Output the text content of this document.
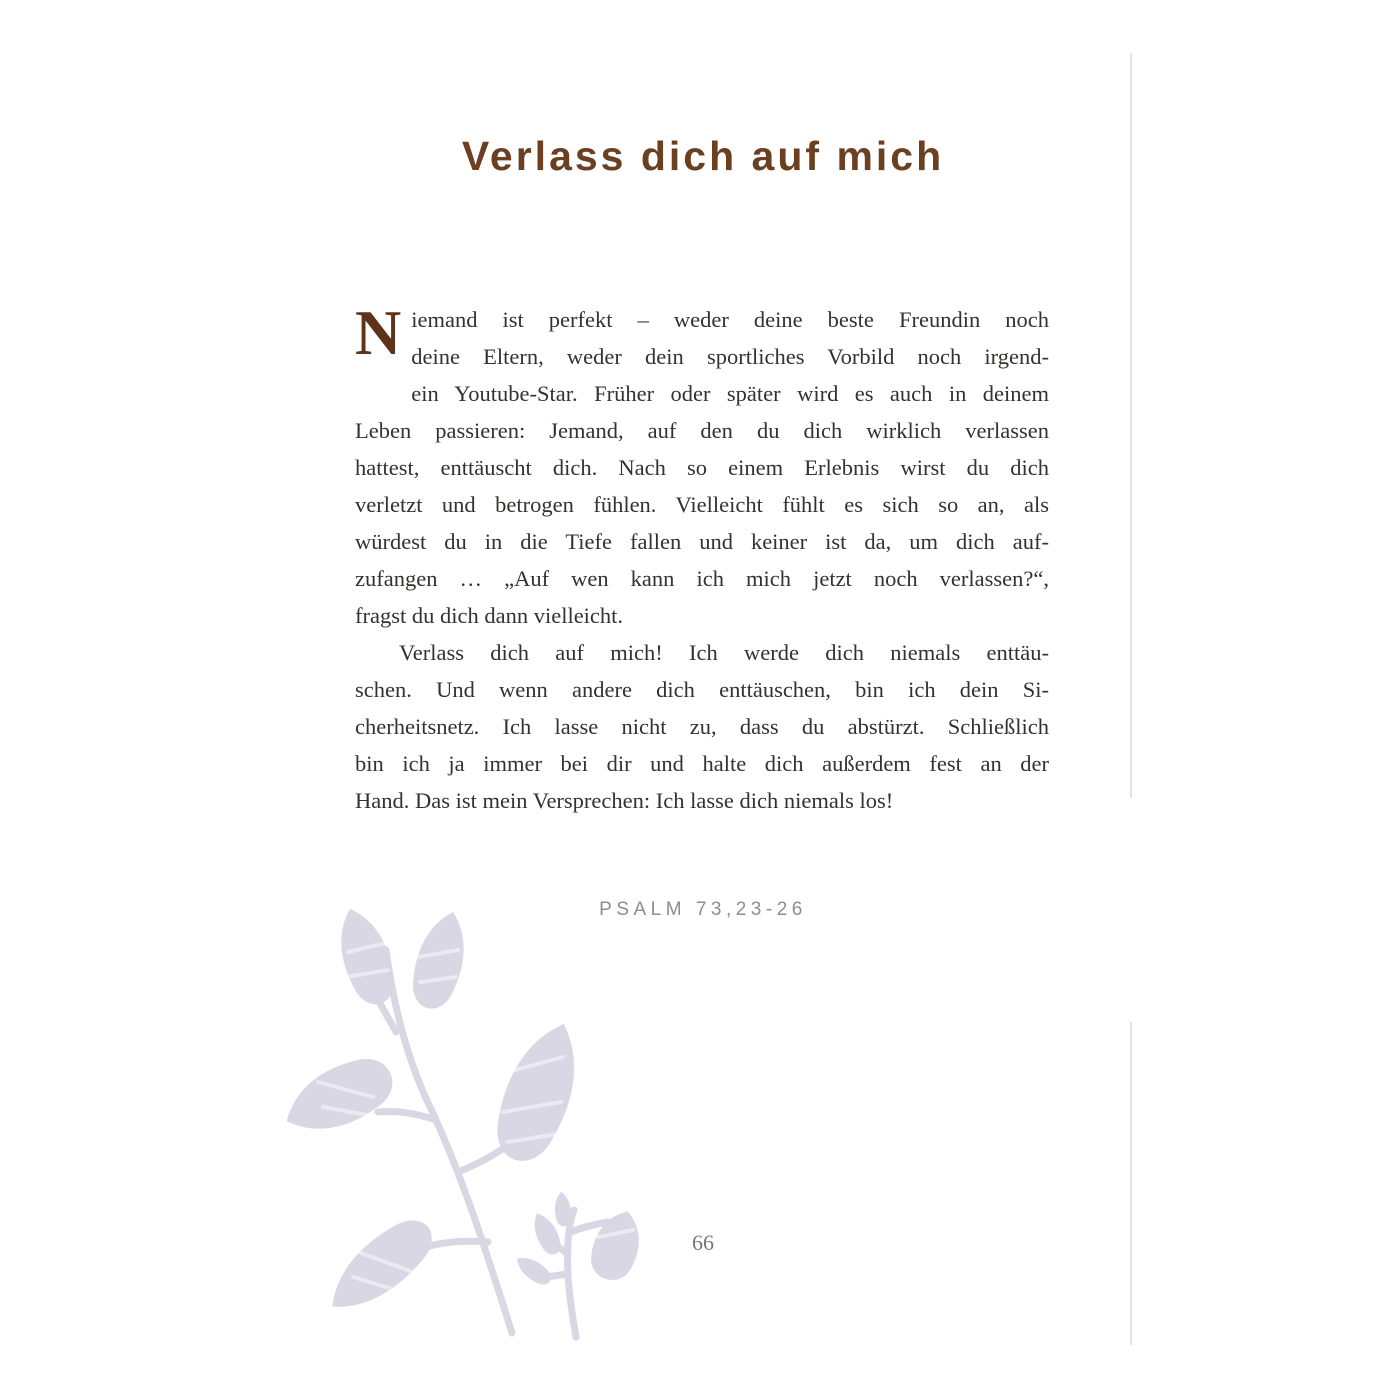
Verlass dich auf mich
N iemand ist perfekt – weder deine beste Freundin noch
deine Eltern, weder dein sportliches Vorbild noch irgend-
ein Youtube-Star. Früher oder später wird es auch in deinem
Leben passieren: Jemand, auf den du dich wirklich verlassen
hattest, enttäuscht dich. Nach so einem Erlebnis wirst du dich
verletzt und betrogen fühlen. Vielleicht fühlt es sich so an, als
würdest du in die Tiefe fallen und keiner ist da, um dich auf-
zufangen … „Auf wen kann ich mich jetzt noch verlassen?“,
fragst du dich dann vielleicht.
Verlass dich auf mich! Ich werde dich niemals enttäu-
schen. Und wenn andere dich enttäuschen, bin ich dein Si-
cherheitsnetz. Ich lasse nicht zu, dass du abstürzt. Schließlich
bin ich ja immer bei dir und halte dich außerdem fest an der
Hand. Das ist mein Versprechen: Ich lasse dich niemals los!
PSALM 73,23-26
66
